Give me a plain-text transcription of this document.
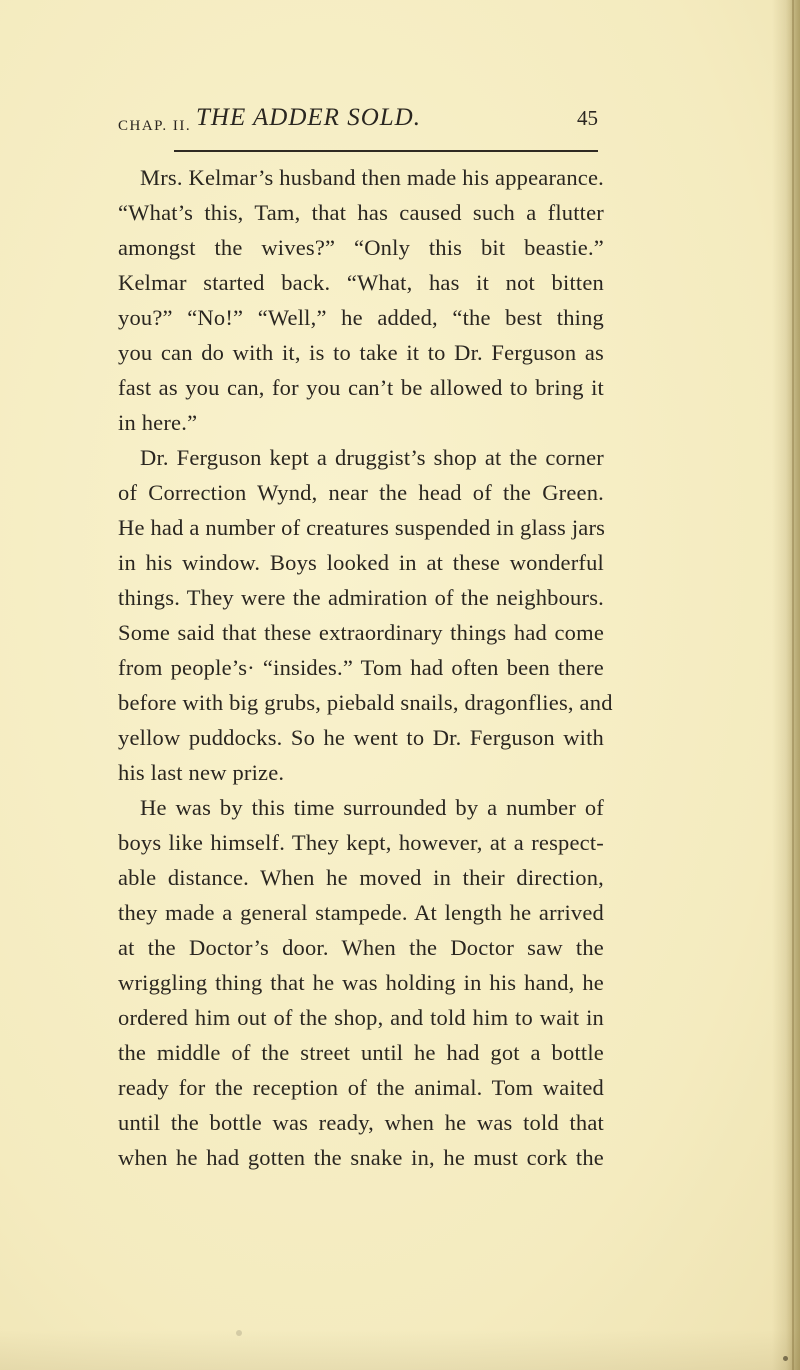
CHAP. II. THE ADDER SOLD.	45
Mrs. Kelmar’s husband then made his appearance.
“What’s this, Tam, that has caused such a flutter
amongst the wives?” “Only this bit beastie.”
Kelmar started back. “What, has it not bitten
you?” “No!” “Well,” he added, “the best thing
you can do with it, is to take it to Dr. Ferguson as
fast as you can, for you can’t be allowed to bring it
in here.”
Dr. Ferguson kept a druggist’s shop at the corner
of Correction Wynd, near the head of the Green.
He had a number of creatures suspended in glass jars
in his window. Boys looked in at these wonderful
things. They were the admiration of the neighbours.
Some said that these extraordinary things had come
from people’s· “insides.” Tom had often been there
before with big grubs, piebald snails, dragonflies, and
yellow puddocks. So he went to Dr. Ferguson with
his last new prize.
He was by this time surrounded by a number of
boys like himself. They kept, however, at a respect-
able distance. When he moved in their direction,
they made a general stampede. At length he arrived
at the Doctor’s door. When the Doctor saw the
wriggling thing that he was holding in his hand, he
ordered him out of the shop, and told him to wait in
the middle of the street until he had got a bottle
ready for the reception of the animal. Tom waited
until the bottle was ready, when he was told that
when he had gotten the snake in, he must cork the
